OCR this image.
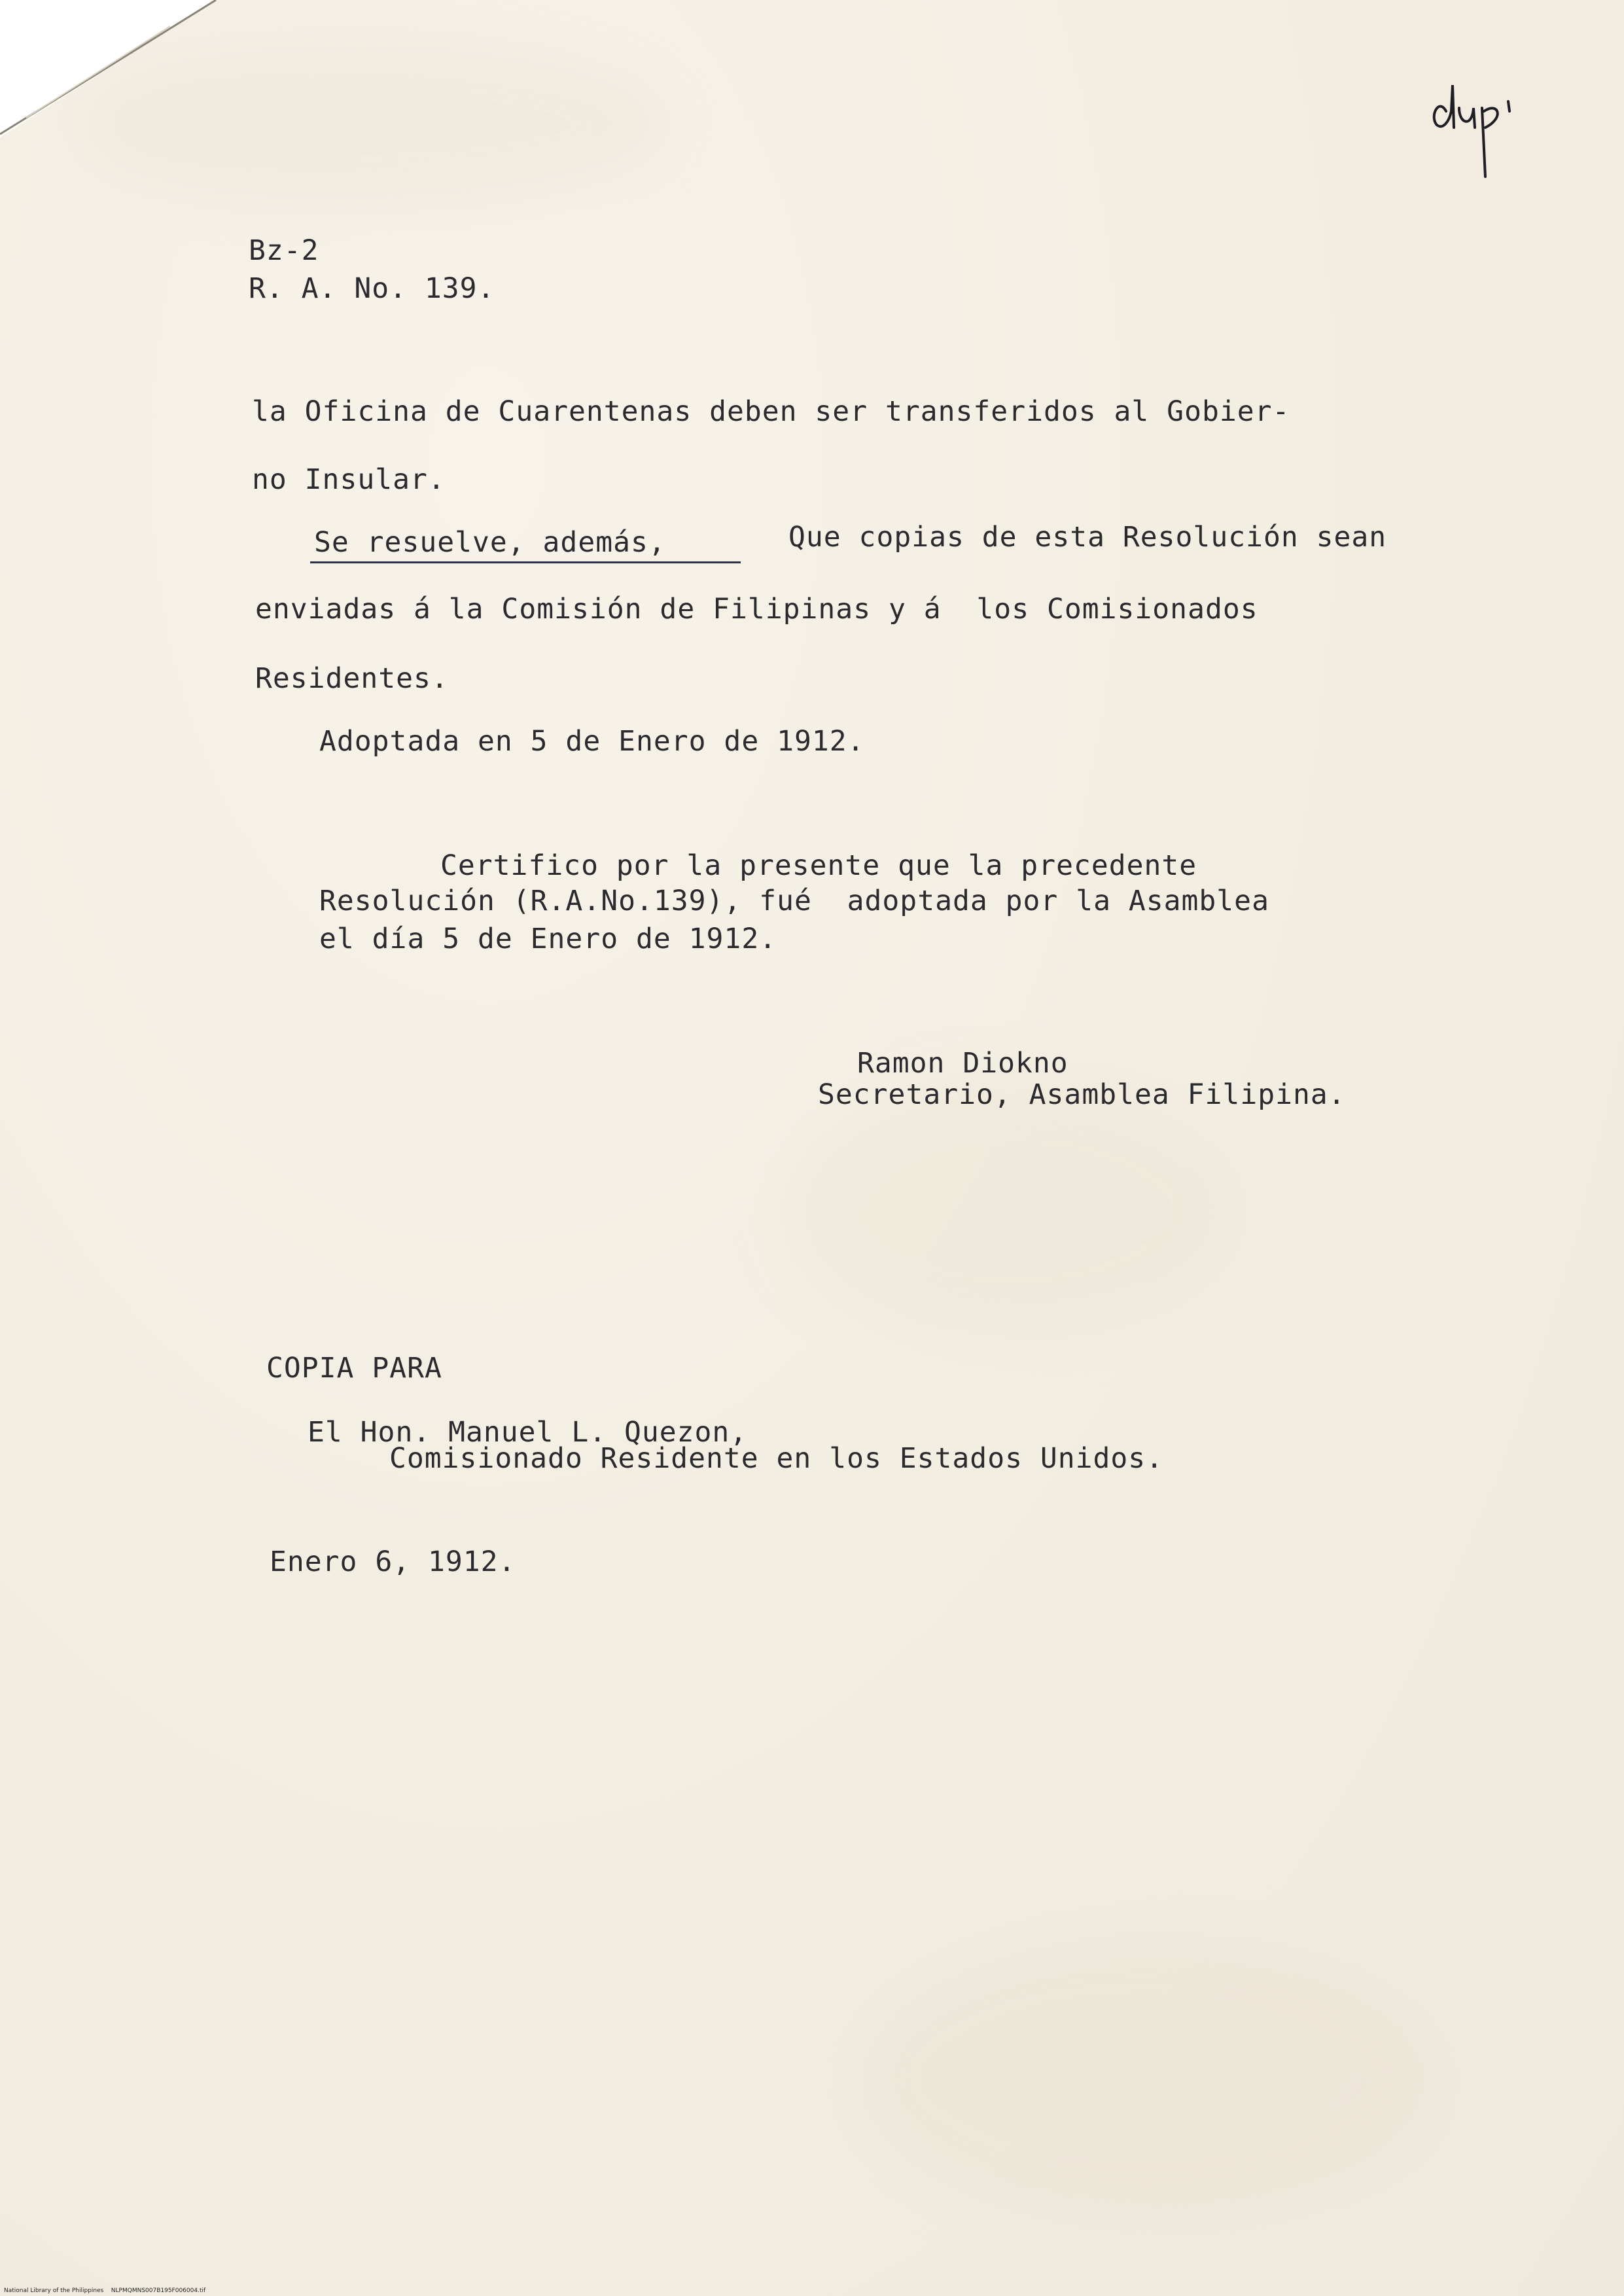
Bz-2
R. A. No. 139.
la Oficina de Cuarentenas deben ser transferidos al Gobier-
no Insular.
Se resuelve, además,	Que copias de esta Resolución sean
enviadas á la Comisión de Filipinas y á  los Comisionados
Residentes.
Adoptada en 5 de Enero de 1912.
Certifico por la presente que la precedente
Resolución (R.A.No.139), fué  adoptada por la Asamblea
el día 5 de Enero de 1912.
Ramon Diokno
Secretario, Asamblea Filipina.
COPIA PARA
El Hon. Manuel L. Quezon,
Comisionado Residente en los Estados Unidos.
Enero 6, 1912.
National Library of the Philippines    NLPMQMNS007B195F006004.tif
